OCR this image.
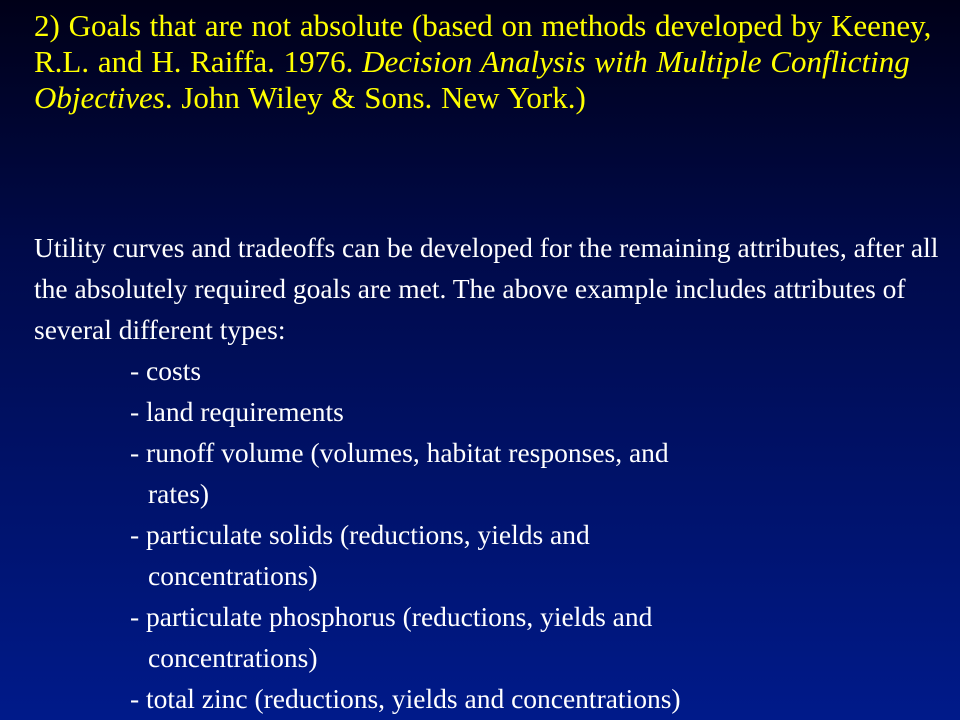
2) Goals that are not absolute (based on methods developed by Keeney, R.L. and H. Raiffa. 1976. Decision Analysis with Multiple Conflicting Objectives. John Wiley & Sons. New York.)
Utility curves and tradeoffs can be developed for the remaining attributes, after all the absolutely required goals are met. The above example includes attributes of several different types:
- costs
- land requirements
- runoff volume (volumes, habitat responses, and
rates)
- particulate solids (reductions, yields and
concentrations)
- particulate phosphorus (reductions, yields and
concentrations)
- total zinc (reductions, yields and concentrations)
